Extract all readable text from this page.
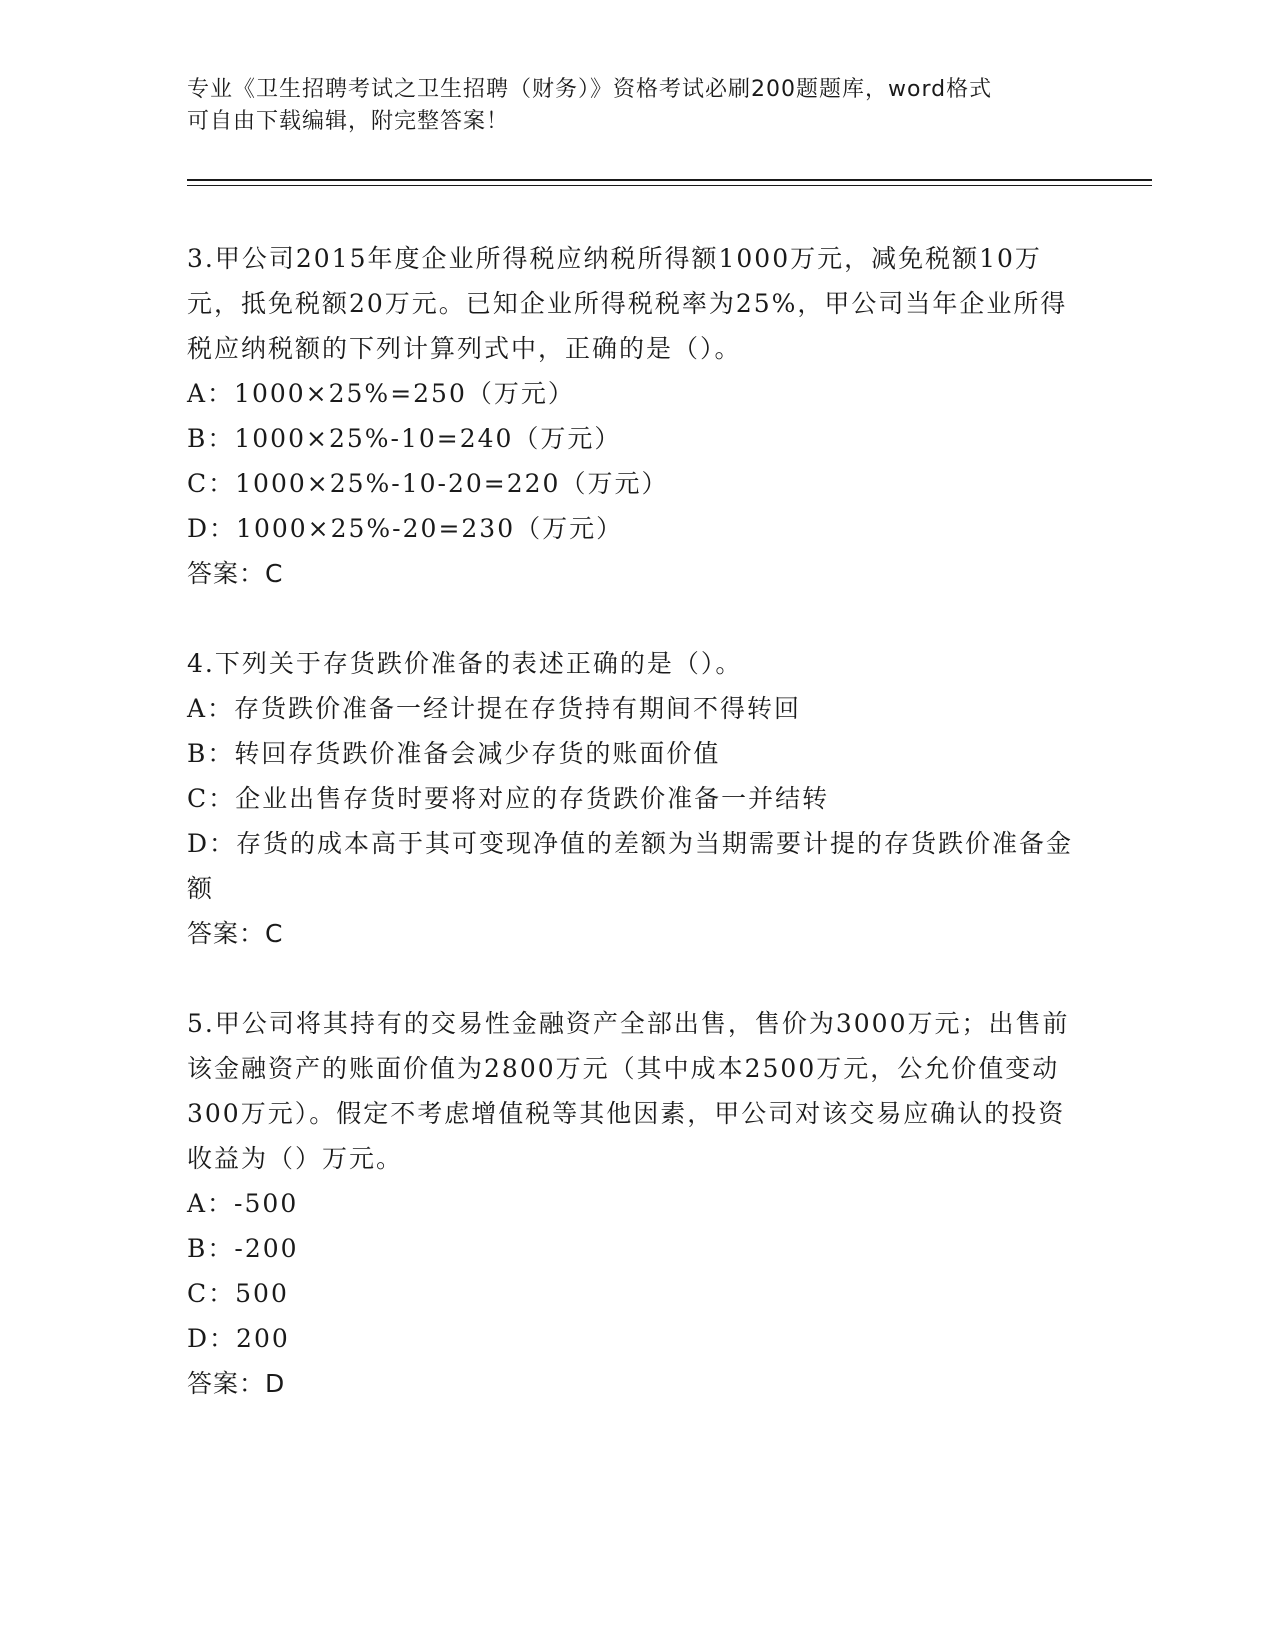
专业《卫生招聘考试之卫生招聘（财务）》资格考试必刷200题题库，word格式
可自由下载编辑，附完整答案！

3.甲公司2015年度企业所得税应纳税所得额1000万元，减免税额10万元，抵免税额20万元。已知企业所得税税率为25%，甲公司当年企业所得税应纳税额的下列计算列式中，正确的是（）。

A：1000×25%=250（万元）

B：1000×25%-10=240（万元）

C：1000×25%-10-20=220（万元）

D：1000×25%-20=230（万元）

答案：C

4.下列关于存货跌价准备的表述正确的是（）。

A：存货跌价准备一经计提在存货持有期间不得转回

B：转回存货跌价准备会减少存货的账面价值

C：企业出售存货时要将对应的存货跌价准备一并结转

D：存货的成本高于其可变现净值的差额为当期需要计提的存货跌价准备金额

答案：C

5.甲公司将其持有的交易性金融资产全部出售，售价为3000万元；出售前该金融资产的账面价值为2800万元（其中成本2500万元，公允价值变动300万元）。假定不考虑增值税等其他因素，甲公司对该交易应确认的投资收益为（）万元。

A：-500

B：-200

C：500

D：200

答案：D
